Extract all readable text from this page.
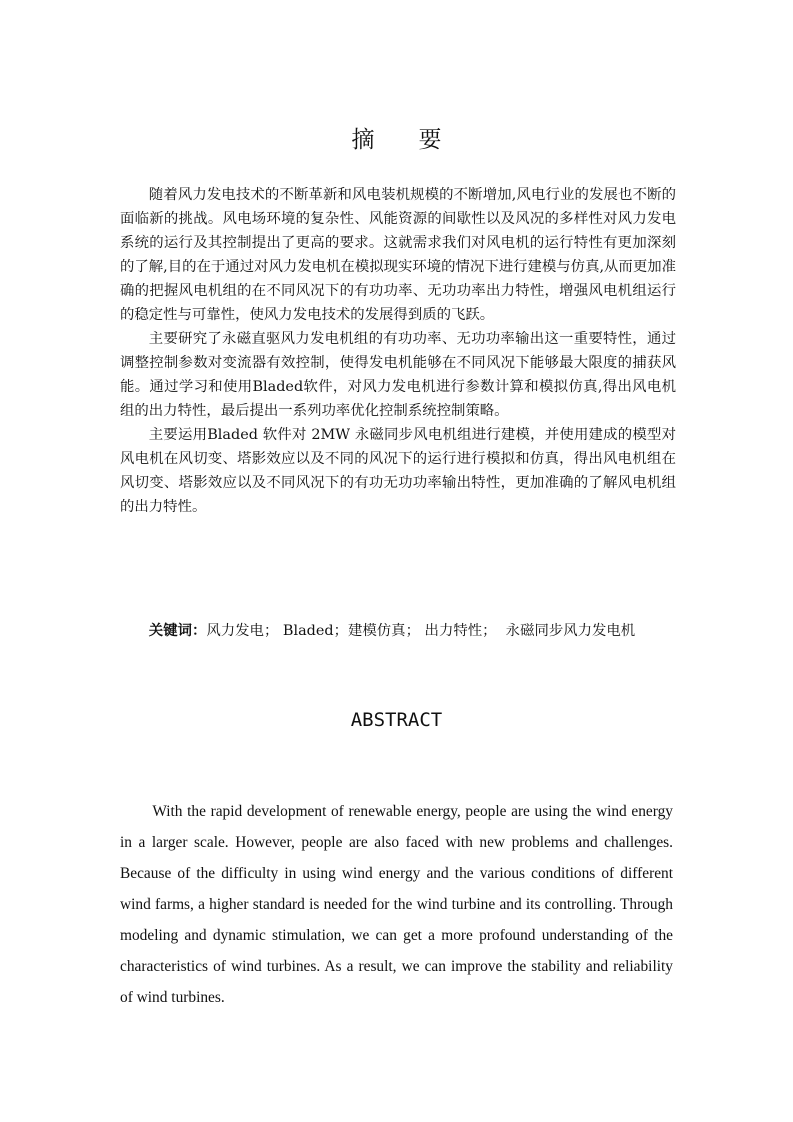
摘要

随着风力发电技术的不断革新和风电装机规模的不断增加,风电行业的发展也不断的面临新的挑战。风电场环境的复杂性、风能资源的间歇性以及风况的多样性对风力发电系统的运行及其控制提出了更高的要求。这就需求我们对风电机的运行特性有更加深刻的了解,目的在于通过对风力发电机在模拟现实环境的情况下进行建模与仿真,从而更加准确的把握风电机组的在不同风况下的有功功率、无功功率出力特性，增强风电机组运行的稳定性与可靠性，使风力发电技术的发展得到质的飞跃。

主要研究了永磁直驱风力发电机组的有功功率、无功功率输出这一重要特性，通过调整控制参数对变流器有效控制，使得发电机能够在不同风况下能够最大限度的捕获风能。通过学习和使用Bladed软件，对风力发电机进行参数计算和模拟仿真,得出风电机组的出力特性，最后提出一系列功率优化控制系统控制策略。

主要运用Bladed 软件对 2MW 永磁同步风电机组进行建模，并使用建成的模型对风电机在风切变、塔影效应以及不同的风况下的运行进行模拟和仿真，得出风电机组在风切变、塔影效应以及不同风况下的有功无功功率输出特性，更加准确的了解风电机组的出力特性。

关键词：风力发电； Bladed；建模仿真； 出力特性； 永磁同步风力发电机
ABSTRACT

With the rapid development of renewable energy, people are using the wind energy in a larger scale. However, people are also faced with new problems and challenges. Because of the difficulty in using wind energy and the various conditions of different wind farms, a higher standard is needed for the wind turbine and its controlling. Through modeling and dynamic stimulation, we can get a more profound understanding of the characteristics of wind turbines. As a result, we can improve the stability and reliability of wind turbines.
